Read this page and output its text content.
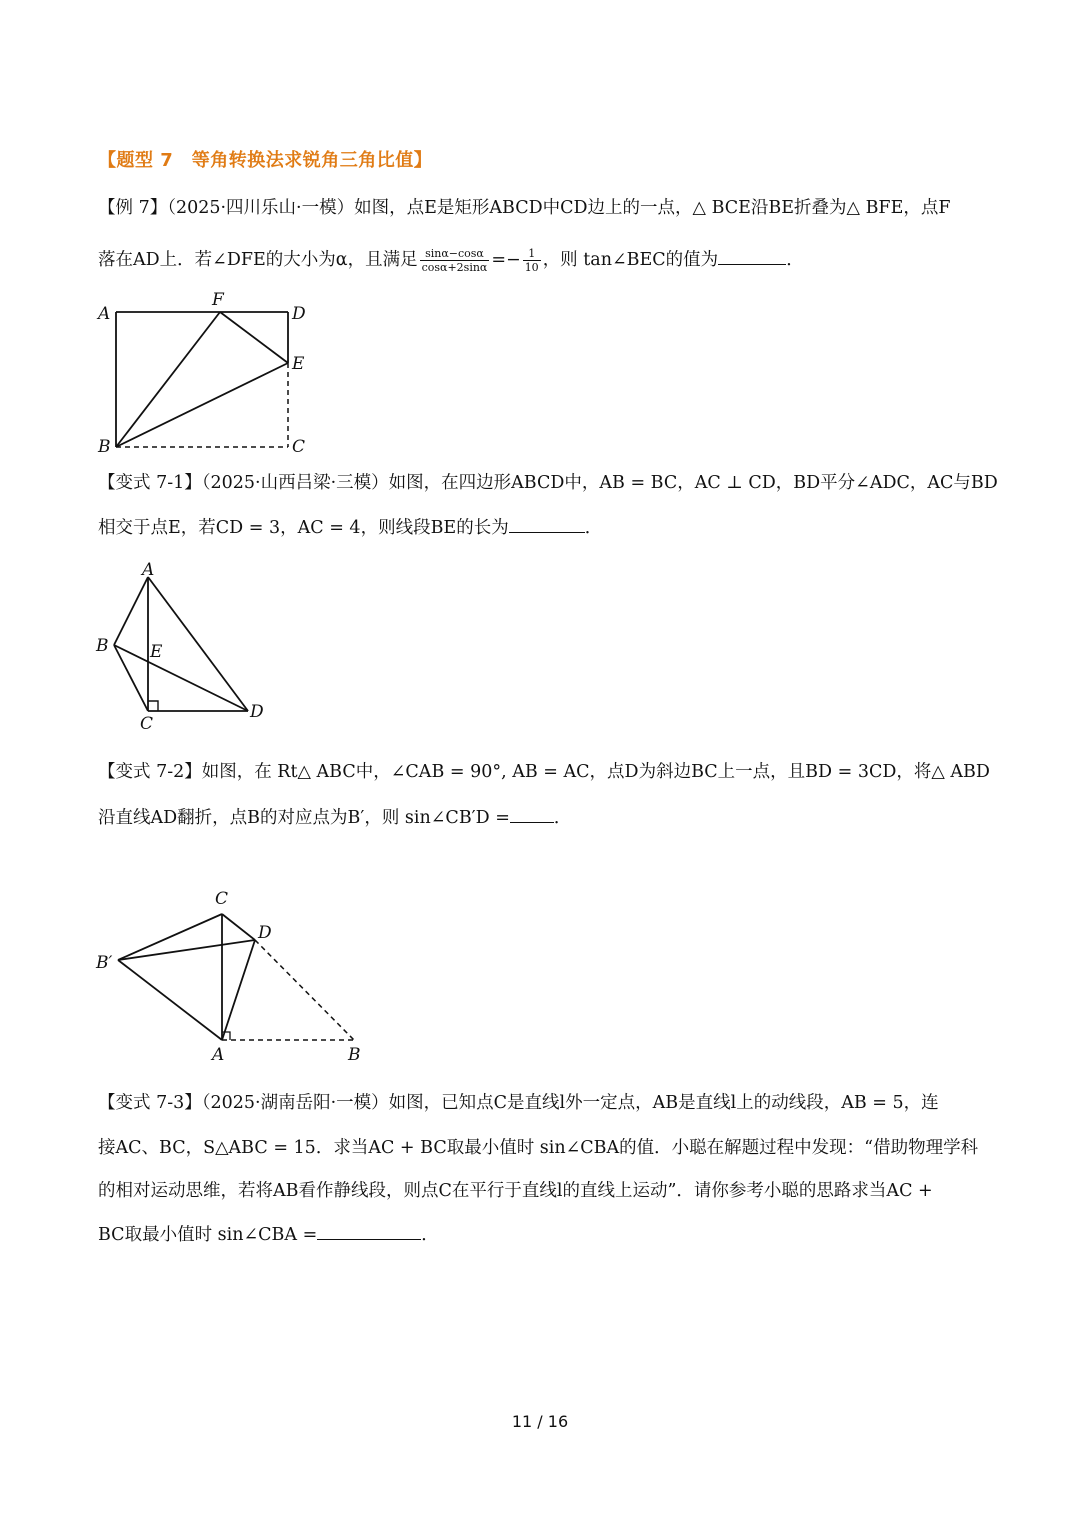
【题型 7　等角转换法求锐角三角比值】
【例 7】（2025·四川乐山·一模）如图，点E是矩形ABCD中CD边上的一点，△ BCE沿BE折叠为△ BFE，点F
落在AD上．若∠DFE的大小为α，且满足 $\frac{\sin\alpha-\cos\alpha}{\cos\alpha+2\sin\alpha} =- \frac{1}{10}$ ，则 tan∠BEC的值为	．
A
F
D
E
B	C
【变式 7-1】（2025·山西吕梁·三模）如图，在四边形ABCD中，AB = BC，AC ⊥ CD，BD平分∠ADC，AC与BD
相交于点E，若CD = 3，AC = 4，则线段BE的长为	．
A
B E
C
D
【变式 7-2】如图，在 Rt△ ABC中，∠CAB = 90°, AB = AC，点D为斜边BC上一点，且BD = 3CD，将△ ABD
沿直线AD翻折，点B的对应点为B′，则 sin∠CB′D =	．
C
D
B′
A	B
【变式 7-3】（2025·湖南岳阳·一模）如图，已知点C是直线l外一定点，AB是直线l上的动线段，AB = 5，连
接AC、BC，S△ABC = 15．求当AC + BC取最小值时 sin∠CBA的值．小聪在解题过程中发现：“借助物理学科
的相对运动思维，若将AB看作静线段，则点C在平行于直线l的直线上运动”．请你参考小聪的思路求当AC +
BC取最小值时 sin∠CBA =	．
11 / 16
